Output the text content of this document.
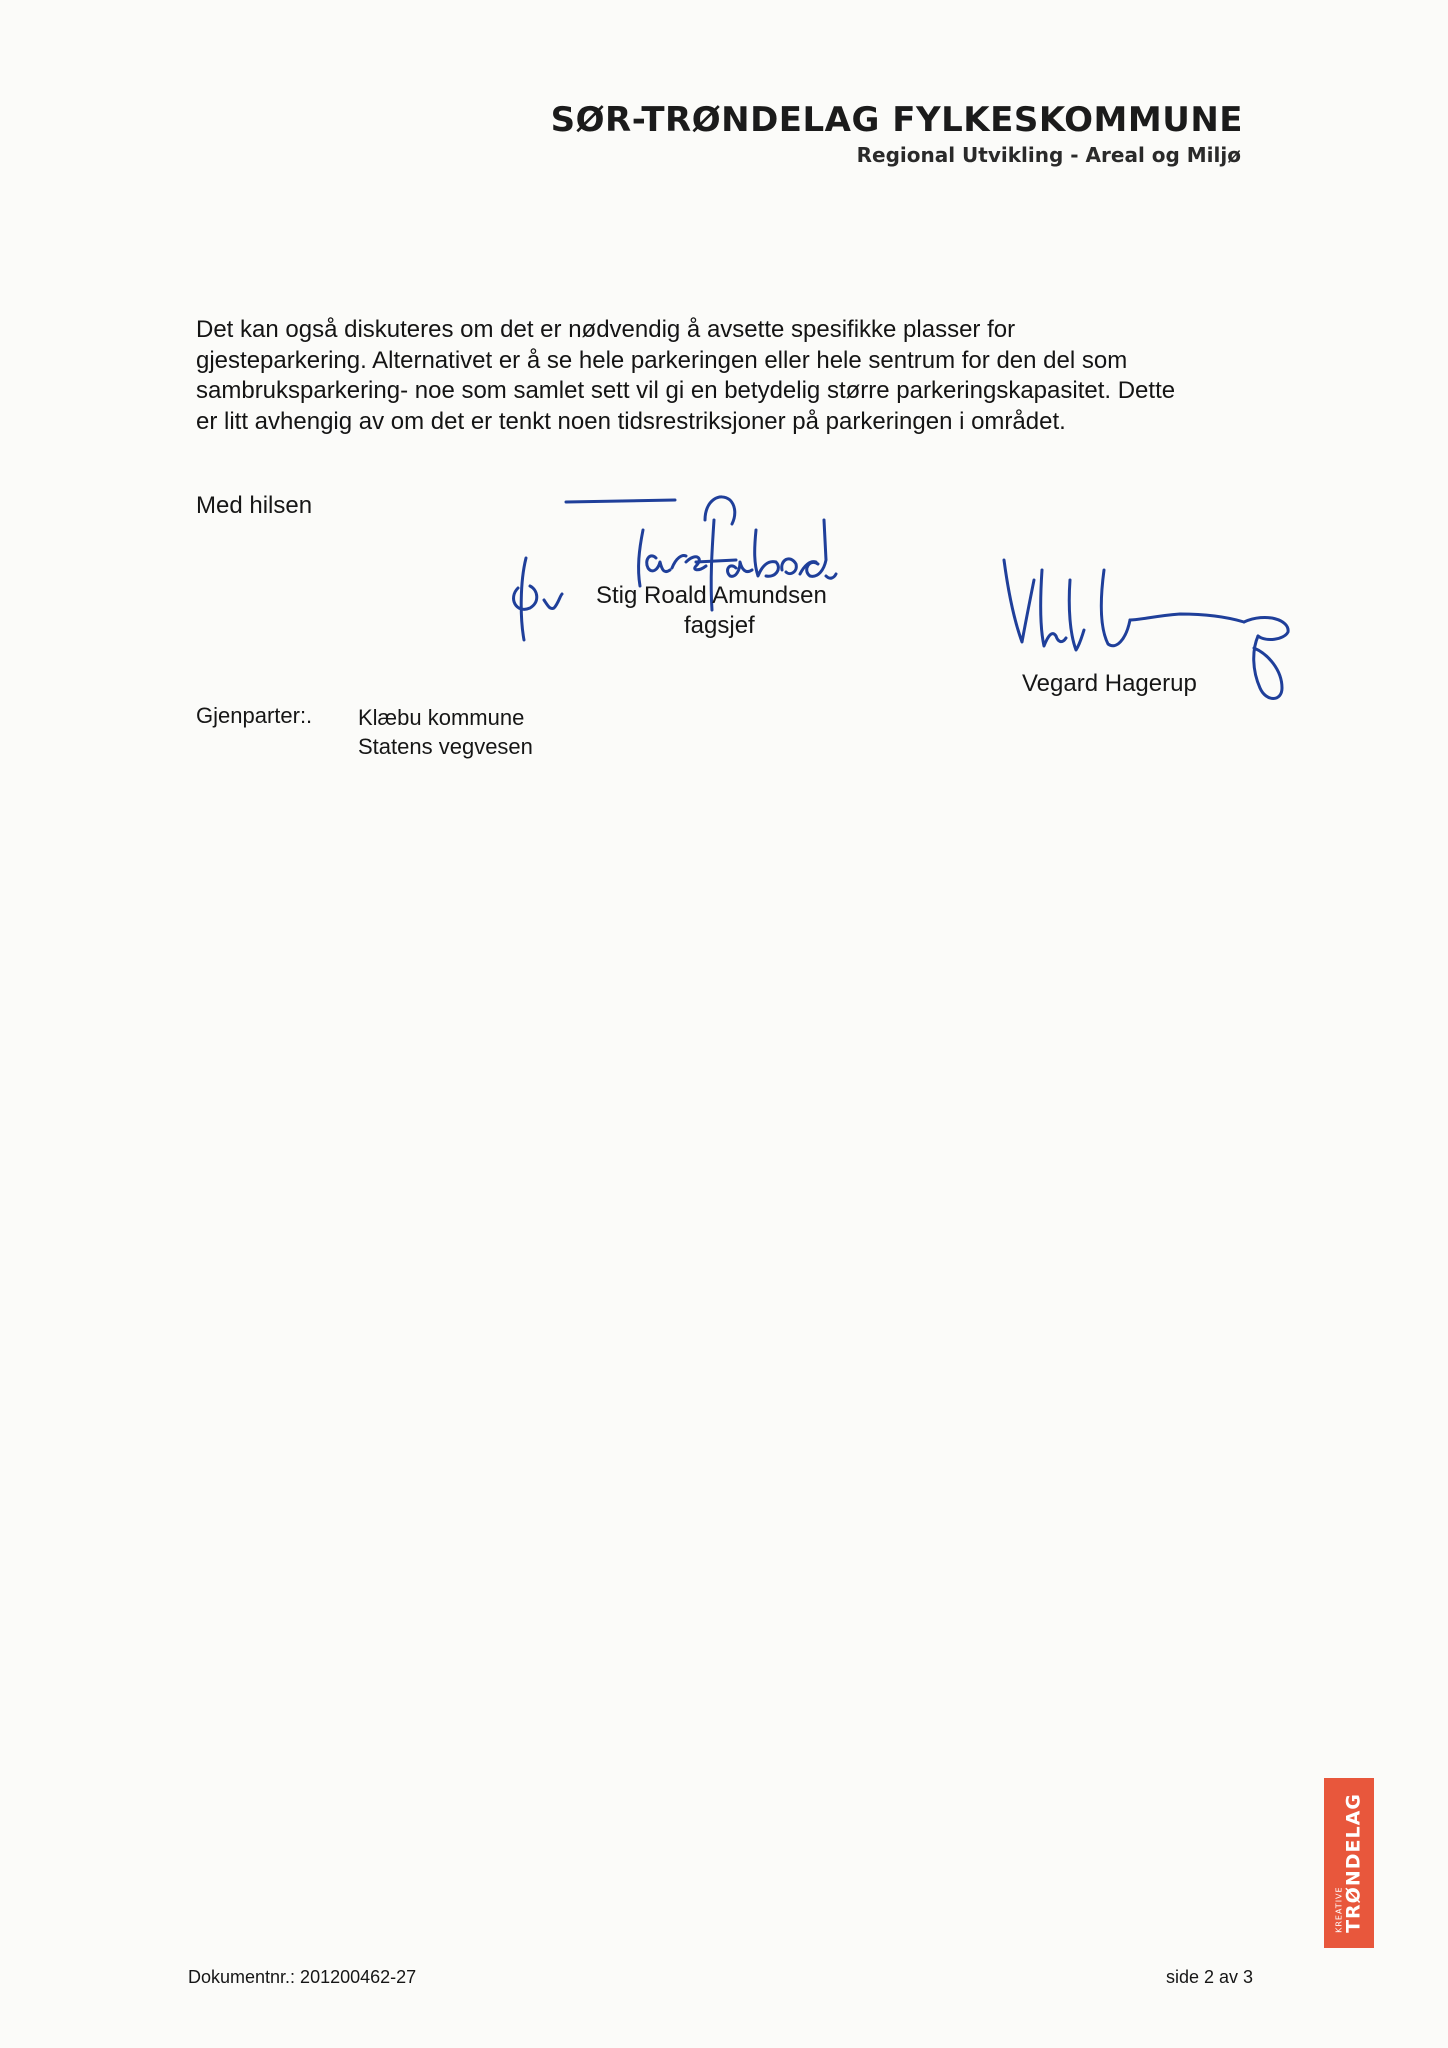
SØR-TRØNDELAG FYLKESKOMMUNE
Regional Utvikling - Areal og Miljø

Det kan også diskuteres om det er nødvendig å avsette spesifikke plasser for
gjesteparkering. Alternativet er å se hele parkeringen eller hele sentrum for den del som
sambruksparkering- noe som samlet sett vil gi en betydelig større parkeringskapasitet. Dette
er litt avhengig av om det er tenkt noen tidsrestriksjoner på parkeringen i området.

Med hilsen
Stig Roald Amundsen
fagsjef
Vegard Hagerup
Gjenparter:. Klæbu kommune
Statens vegvesen
KREATIVE TRØNDELAG
Dokumentnr.: 201200462-27	side 2 av 3
